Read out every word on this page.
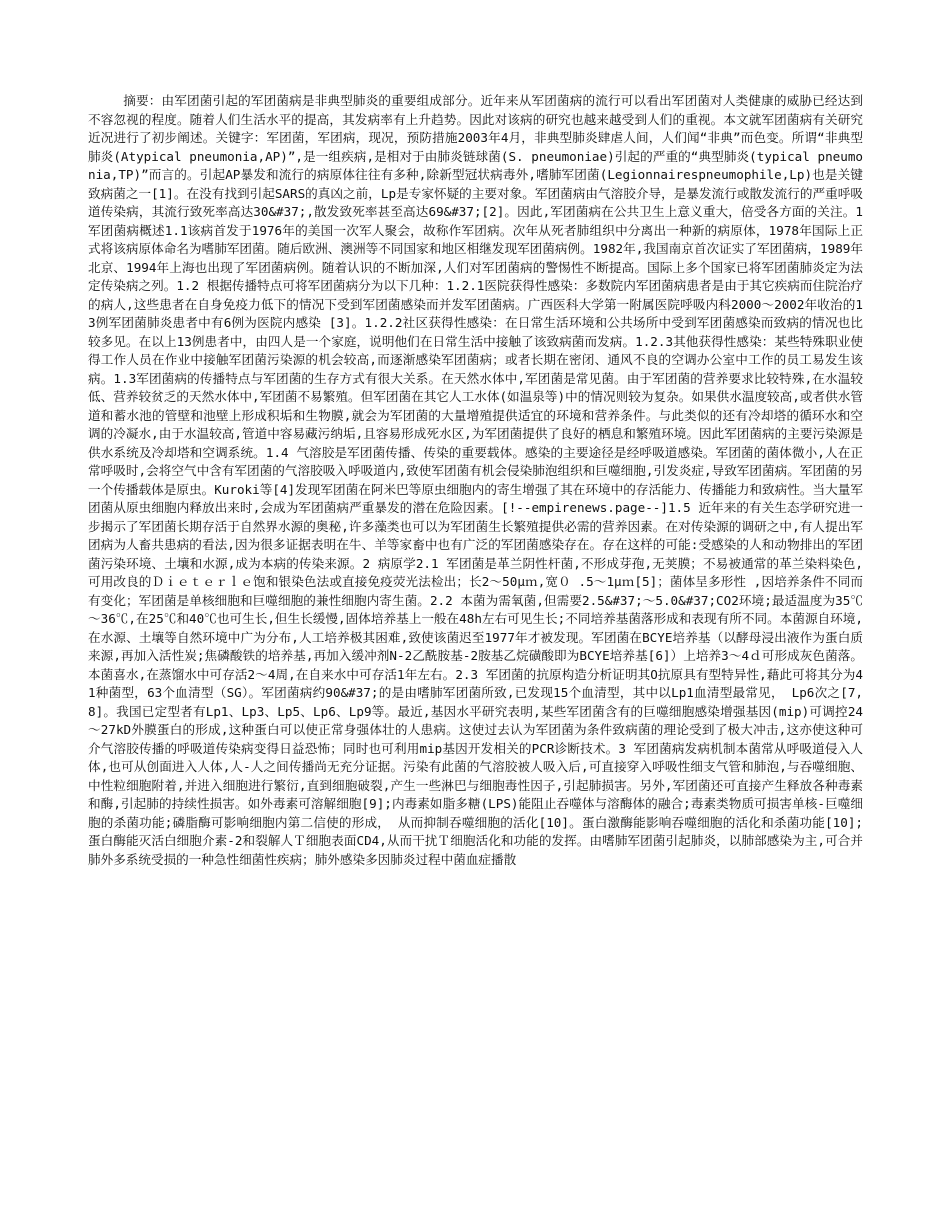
摘要：由军团菌引起的军团菌病是非典型肺炎的重要组成部分。近年来从军团菌病的流行可以看出军团菌对人类健康的威胁已经达到不容忽视的程度。随着人们生活水平的提高，其发病率有上升趋势。因此对该病的研究也越来越受到人们的重视。本文就军团菌病有关研究近况进行了初步阐述。关键字：军团菌，军团病，现况，预防措施2003年4月，非典型肺炎肆虐人间，人们闻“非典”而色变。所谓“非典型肺炎(Atypical pneumonia,AP)”,是一组疾病,是相对于由肺炎链球菌(S. pneumoniae)引起的严重的“典型肺炎(typical pneumonia,TP)”而言的。引起AP暴发和流行的病原体往往有多种,除新型冠状病毒外,嗜肺军团菌(Legionnairespneumophile,Lp)也是关键致病菌之一[1]。在没有找到引起SARS的真凶之前，Lp是专家怀疑的主要对象。军团菌病由气溶胶介导，是暴发流行或散发流行的严重呼吸道传染病，其流行致死率高达30&#37;,散发致死率甚至高达69&#37;[2]。因此,军团菌病在公共卫生上意义重大，倍受各方面的关注。1 军团菌病概述1.1该病首发于1976年的美国一次军人聚会，故称作军团病。次年从死者肺组织中分离出一种新的病原体，1978年国际上正式将该病原体命名为嗜肺军团菌。随后欧洲、澳洲等不同国家和地区相继发现军团菌病例。1982年,我国南京首次证实了军团菌病，1989年北京、1994年上海也出现了军团菌病例。随着认识的不断加深,人们对军团菌病的警惕性不断提高。国际上多个国家已将军团菌肺炎定为法定传染病之列。1.2 根据传播特点可将军团菌病分为以下几种：1.2.1医院获得性感染：多数院内军团菌病患者是由于其它疾病而住院治疗的病人,这些患者在自身免疫力低下的情况下受到军团菌感染而并发军团菌病。广西医科大学第一附属医院呼吸内科2000～2002年收治的13例军团菌肺炎患者中有6例为医院内感染 [3]。1.2.2社区获得性感染：在日常生活环境和公共场所中受到军团菌感染而致病的情况也比较多见。在以上13例患者中，由四人是一个家庭，说明他们在日常生活中接触了该致病菌而发病。1.2.3其他获得性感染：某些特殊职业使得工作人员在作业中接触军团菌污染源的机会较高,而逐渐感染军团菌病；或者长期在密闭、通风不良的空调办公室中工作的员工易发生该病。1.3军团菌病的传播特点与军团菌的生存方式有很大关系。在天然水体中,军团菌是常见菌。由于军团菌的营养要求比较特殊,在水温较低、营养较贫乏的天然水体中,军团菌不易繁殖。但军团菌在其它人工水体(如温泉等)中的情况则较为复杂。如果供水温度较高,或者供水管道和蓄水池的管壁和池壁上形成积垢和生物膜,就会为军团菌的大量增殖提供适宜的环境和营养条件。与此类似的还有冷却塔的循环水和空调的冷凝水,由于水温较高,管道中容易藏污纳垢,且容易形成死水区,为军团菌提供了良好的栖息和繁殖环境。因此军团菌病的主要污染源是供水系统及冷却塔和空调系统。1.4 气溶胶是军团菌传播、传染的重要载体。感染的主要途径是经呼吸道感染。军团菌的菌体微小,人在正常呼吸时,会将空气中含有军团菌的气溶胶吸入呼吸道内,致使军团菌有机会侵染肺泡组织和巨噬细胞,引发炎症,导致军团菌病。军团菌的另一个传播载体是原虫。Kuroki等[4]发现军团菌在阿米巴等原虫细胞内的寄生增强了其在环境中的存活能力、传播能力和致病性。当大量军团菌从原虫细胞内释放出来时,会成为军团菌病严重暴发的潜在危险因素。[!--empirenews.page--]1.5 近年来的有关生态学研究进一步揭示了军团菌长期存活于自然界水源的奥秘,许多藻类也可以为军团菌生长繁殖提供必需的营养因素。在对传染源的调研之中,有人提出军团病为人畜共患病的看法,因为很多证据表明在牛、羊等家畜中也有广泛的军团菌感染存在。存在这样的可能:受感染的人和动物排出的军团菌污染环境、土壤和水源,成为本病的传染来源。2 病原学2.1 军团菌是革兰阴性杆菌,不形成芽孢,无荚膜；不易被通常的革兰染料染色,可用改良的Ｄｉｅｔｅｒｌｅ饱和银染色法或直接免疫荧光法检出；长2～50μｍ,宽０ .5～1μｍ[5]；菌体呈多形性 ,因培养条件不同而有变化；军团菌是单核细胞和巨噬细胞的兼性细胞内寄生菌。2.2 本菌为需氧菌,但需要2.5&#37;～5.0&#37;CO2环境;最适温度为35℃～36℃,在25℃和40℃也可生长,但生长缓慢,固体培养基上一般在48h左右可见生长;不同培养基菌落形成和表现有所不同。本菌源自环境,在水源、土壤等自然环境中广为分布,人工培养极其困难,致使该菌迟至1977年才被发现。军团菌在BCYE培养基（以酵母浸出液作为蛋白质来源,再加入活性炭;焦磷酸铁的培养基,再加入缓冲剂N-2乙酰胺基-2胺基乙烷磺酸即为BCYE培养基[6]）上培养3～4ｄ可形成灰色菌落。本菌喜水,在蒸馏水中可存活2～4周,在自来水中可存活1年左右。2.3 军团菌的抗原构造分析证明其O抗原具有型特异性,藉此可将其分为41种菌型，63个血清型（SG）。军团菌病约90&#37;的是由嗜肺军团菌所致,已发现15个血清型，其中以Lp1血清型最常见， Lp6次之[7,8]。我国已定型者有Lp1、Lp3、Lp5、Lp6、Lp9等。最近,基因水平研究表明,某些军团菌含有的巨噬细胞感染增强基因(mip)可调控24～27kD外膜蛋白的形成,这种蛋白可以使正常身强体壮的人患病。这使过去认为军团菌为条件致病菌的理论受到了极大冲击,这亦使这种可介气溶胶传播的呼吸道传染病变得日益恐怖；同时也可利用mip基因开发相关的PCR诊断技术。3 军团菌病发病机制本菌常从呼吸道侵入人体,也可从创面进入人体,人-人之间传播尚无充分证据。污染有此菌的气溶胶被人吸入后,可直接穿入呼吸性细支气管和肺泡,与吞噬细胞、中性粒细胞附着,并进入细胞进行繁衍,直到细胞破裂,产生一些淋巴与细胞毒性因子,引起肺损害。另外,军团菌还可直接产生释放各种毒素和酶,引起肺的持续性损害。如外毒素可溶解细胞[9];内毒素如脂多糖(LPS)能阻止吞噬体与溶酶体的融合;毒素类物质可损害单核-巨噬细胞的杀菌功能;磷脂酶可影响细胞内第二信使的形成， 从而抑制吞噬细胞的活化[10]。蛋白激酶能影响吞噬细胞的活化和杀菌功能[10];蛋白酶能灭活白细胞介素-2和裂解人Ｔ细胞表面CD4,从而干扰Ｔ细胞活化和功能的发挥。由嗜肺军团菌引起肺炎，以肺部感染为主,可合并肺外多系统受损的一种急性细菌性疾病；肺外感染多因肺炎过程中菌血症播散
